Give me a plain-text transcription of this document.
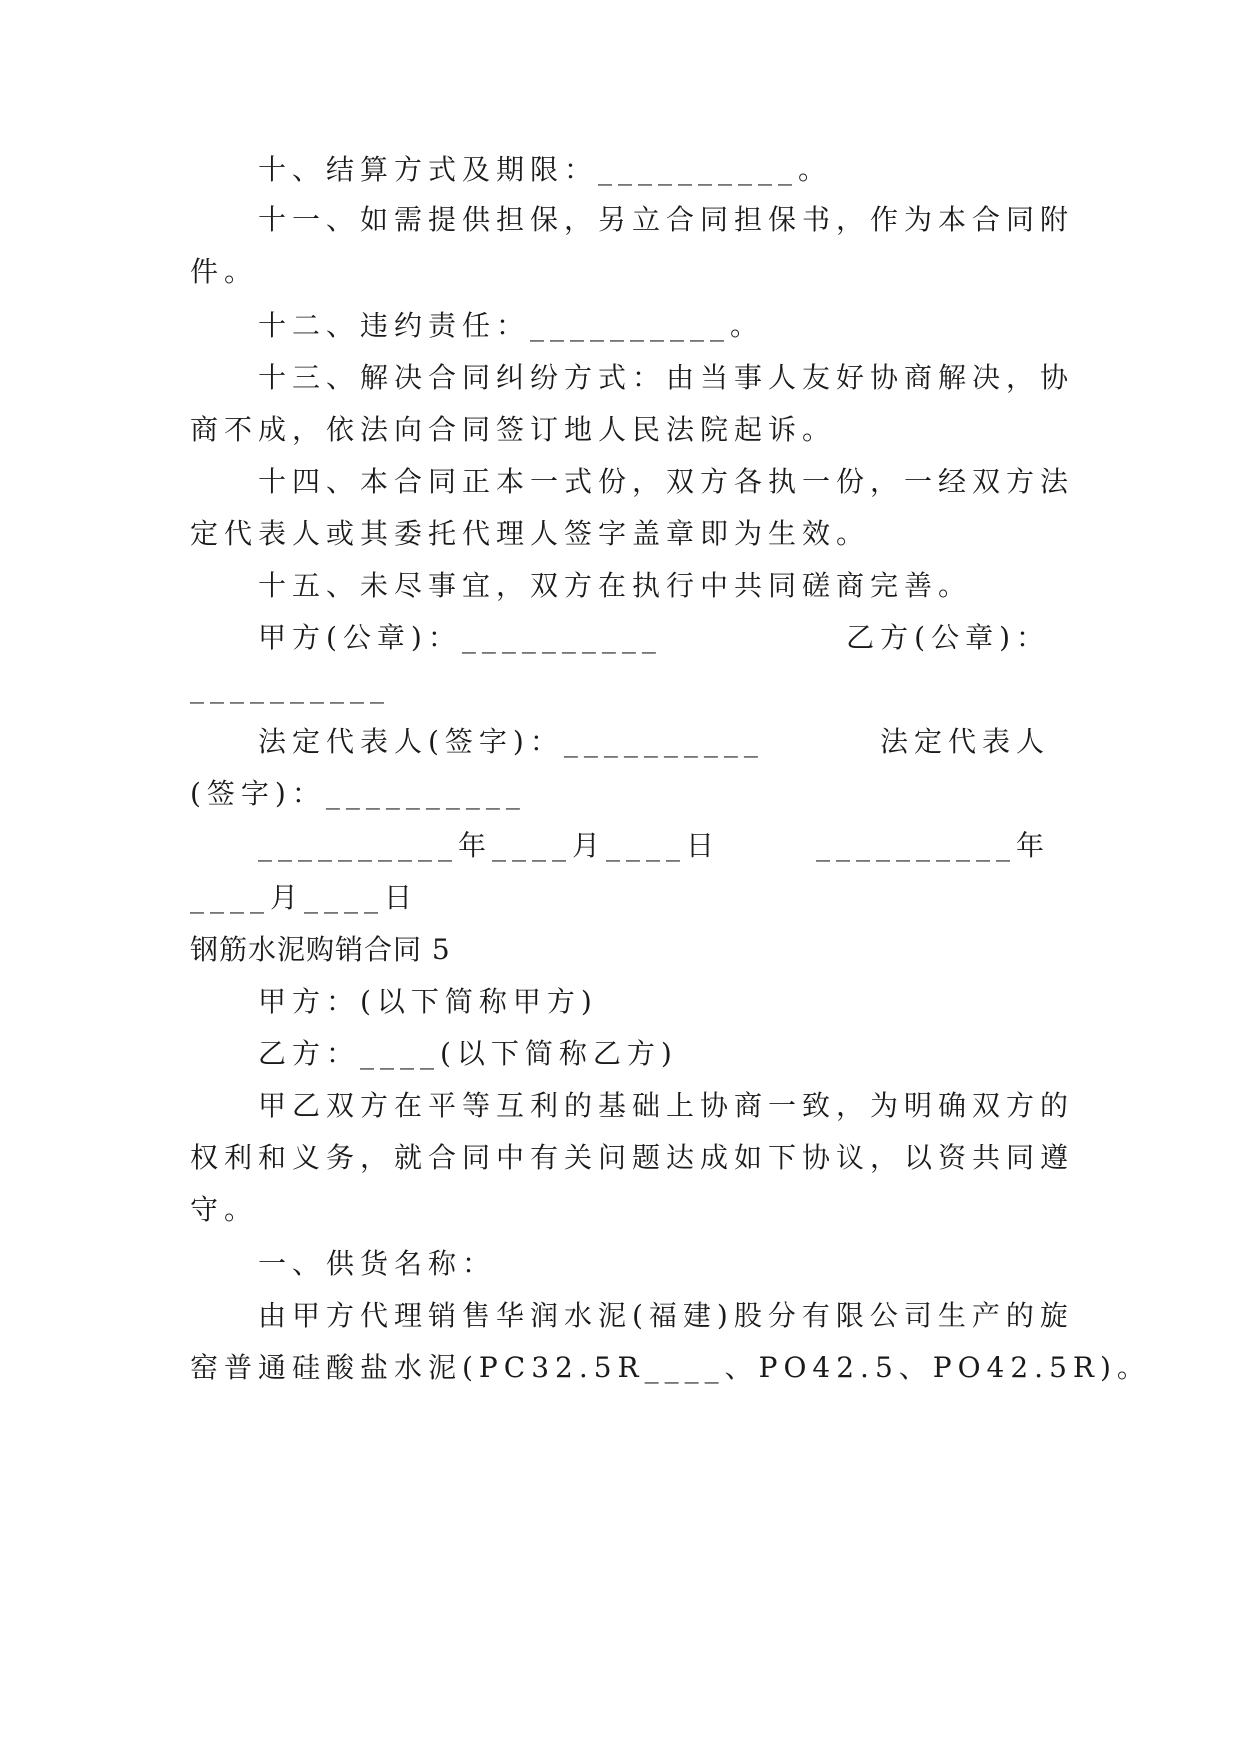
十、结算方式及期限：__________。
十一、如需提供担保，另立合同担保书，作为本合同附
件。
十二、违约责任：__________。
十三、解决合同纠纷方式：由当事人友好协商解决，协
商不成，依法向合同签订地人民法院起诉。
十四、本合同正本一式份，双方各执一份，一经双方法
定代表人或其委托代理人签字盖章即为生效。
十五、未尽事宜，双方在执行中共同磋商完善。
甲方(公章)：__________	乙方(公章)：
__________
法定代表人(签字)：__________	法定代表人
(签字)：__________
__________年____月____日	__________年
____月____日
钢筋水泥购销合同 5
甲方：(以下简称甲方)
乙方：____(以下简称乙方)
甲乙双方在平等互利的基础上协商一致，为明确双方的
权利和义务，就合同中有关问题达成如下协议，以资共同遵
守。
一、供货名称：
由甲方代理销售华润水泥(福建)股分有限公司生产的旋
窑普通硅酸盐水泥(PC32.5R____、PO42.5、PO42.5R)。
